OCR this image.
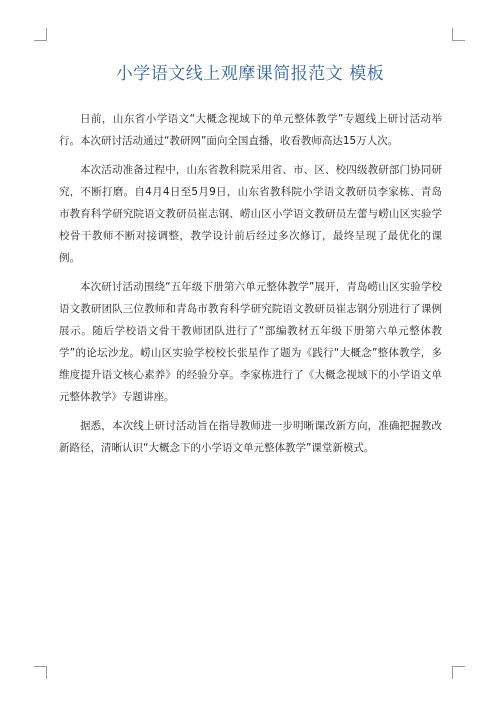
小学语文线上观摩课简报范文 模板

日前，山东省小学语文“大概念视域下的单元整体教学”专题线上研讨活动举行。本次研讨活动通过“教研网”面向全国直播，收看教师高达15万人次。

本次活动准备过程中，山东省教科院采用省、市、区、校四级教研部门协同研究，不断打磨。自4月4日至5月9日，山东省教科院小学语文教研员李家栋、青岛市教育科学研究院语文教研员崔志钢、崂山区小学语文教研员左蕾与崂山区实验学校骨干教师不断对接调整，教学设计前后经过多次修订，最终呈现了最优化的课例。

本次研讨活动围绕“五年级下册第六单元整体教学”展开，青岛崂山区实验学校语文教研团队三位教师和青岛市教育科学研究院语文教研员崔志钢分别进行了课例展示。随后学校语文骨干教师团队进行了“部编教材五年级下册第六单元整体教学”的论坛沙龙。崂山区实验学校校长张星作了题为《践行“大概念”整体教学，多维度提升语文核心素养》的经验分享。李家栋进行了《大概念视域下的小学语文单元整体教学》专题讲座。

据悉，本次线上研讨活动旨在指导教师进一步明晰课改新方向，准确把握教改新路径，清晰认识“大概念下的小学语文单元整体教学”课堂新模式。
